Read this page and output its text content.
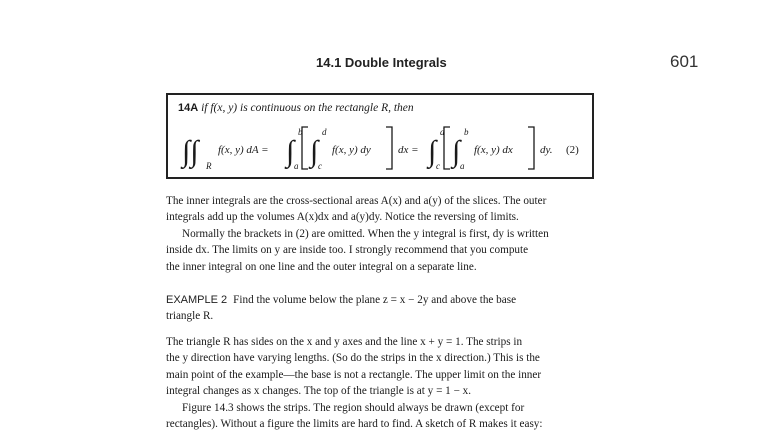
14.1 Double Integrals	601
14A if f(x, y) is continuous on the rectangle R, then
∫∫ R
f(x, y) dA = ∫
b
a ∫
d
c
f(x, y) dy dx = ∫
d
c ∫
b
a
f(x, y) dx dy. (2)
The inner integrals are the cross-sectional areas A(x) and a(y) of the slices. The outer
integrals add up the volumes A(x)dx and a(y)dy. Notice the reversing of limits.
Normally the brackets in (2) are omitted. When the y integral is first, dy is written
inside dx. The limits on y are inside too. I strongly recommend that you compute
the inner integral on one line and the outer integral on a separate line.
EXAMPLE 2 Find the volume below the plane z = x − 2y and above the base
triangle R.
The triangle R has sides on the x and y axes and the line x + y = 1. The strips in
the y direction have varying lengths. (So do the strips in the x direction.) This is the
main point of the example—the base is not a rectangle. The upper limit on the inner
integral changes as x changes. The top of the triangle is at y = 1 − x.
Figure 14.3 shows the strips. The region should always be drawn (except for
rectangles). Without a figure the limits are hard to find. A sketch of R makes it easy:
